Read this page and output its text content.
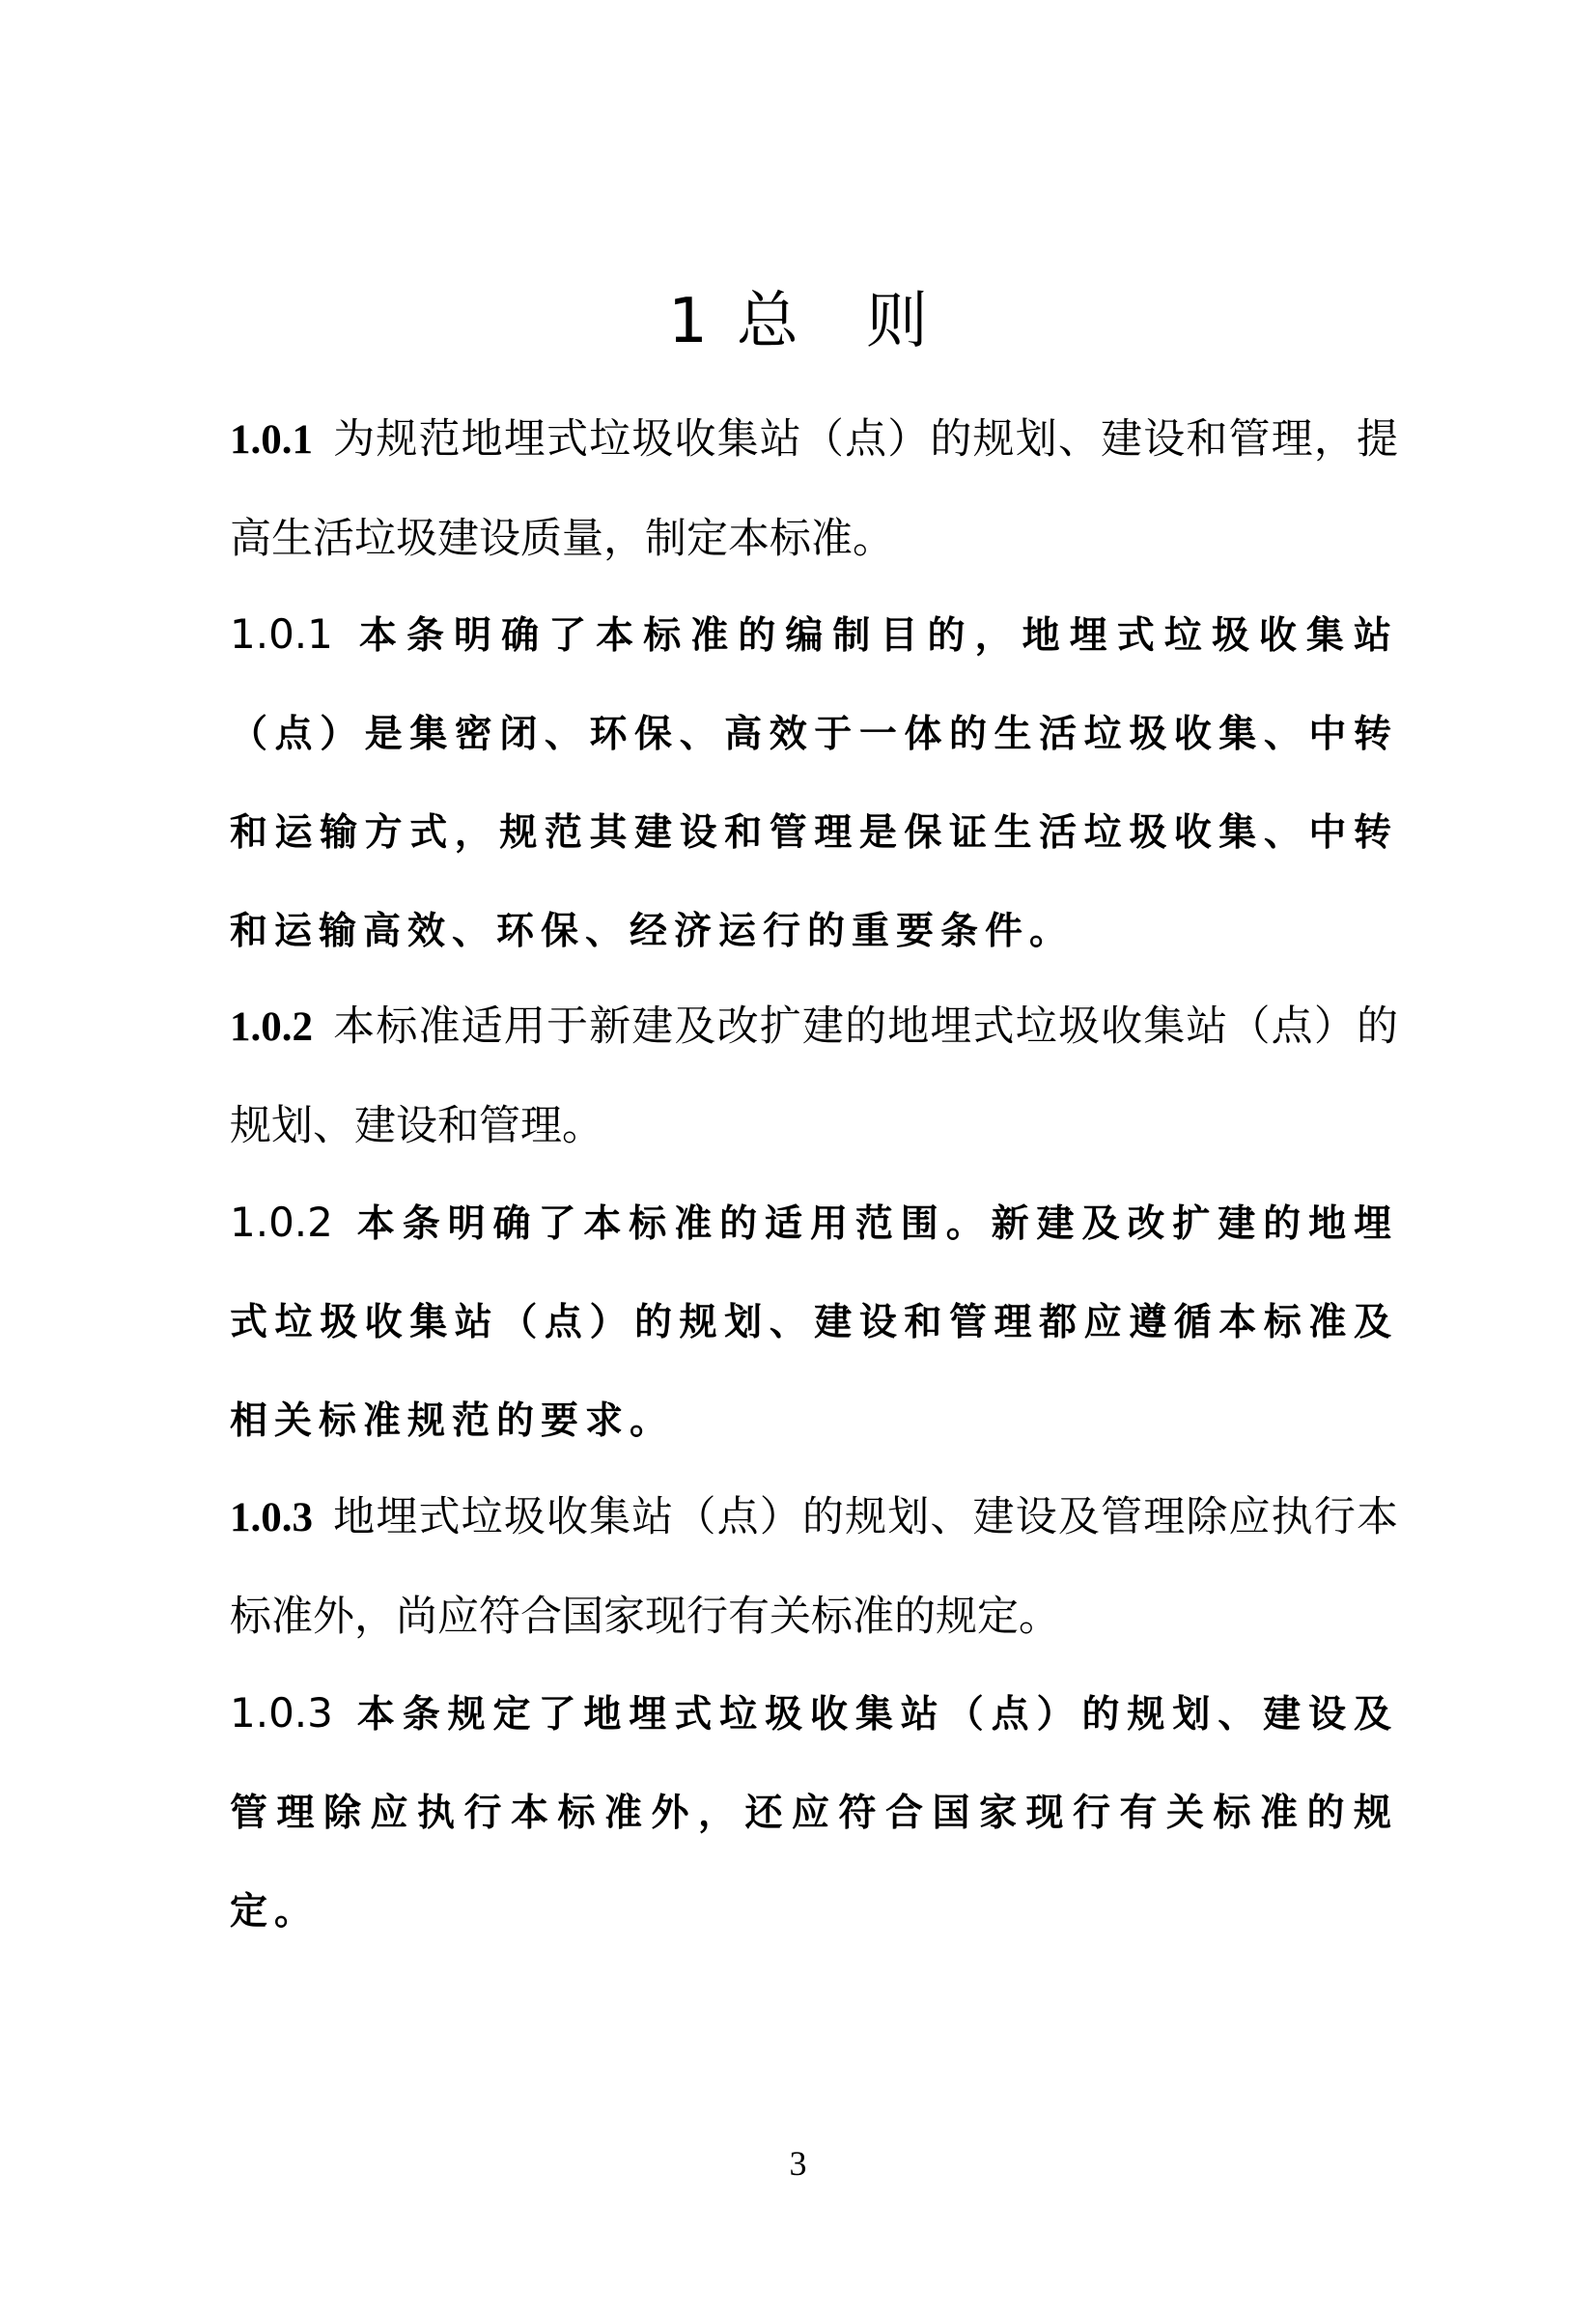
1 总 则

1.0.1 为规范地埋式垃圾收集站（点）的规划、建设和管理，提高生活垃圾建设质量，制定本标准。

1.0.1 本条明确了本标准的编制目的，地埋式垃圾收集站（点）是集密闭、环保、高效于一体的生活垃圾收集、中转和运输方式，规范其建设和管理是保证生活垃圾收集、中转和运输高效、环保、经济运行的重要条件。

1.0.2 本标准适用于新建及改扩建的地埋式垃圾收集站（点）的规划、建设和管理。

1.0.2 本条明确了本标准的适用范围。新建及改扩建的地埋式垃圾收集站（点）的规划、建设和管理都应遵循本标准及相关标准规范的要求。

1.0.3 地埋式垃圾收集站（点）的规划、建设及管理除应执行本标准外，尚应符合国家现行有关标准的规定。

1.0.3 本条规定了地埋式垃圾收集站（点）的规划、建设及管理除应执行本标准外，还应符合国家现行有关标准的规定。

3
